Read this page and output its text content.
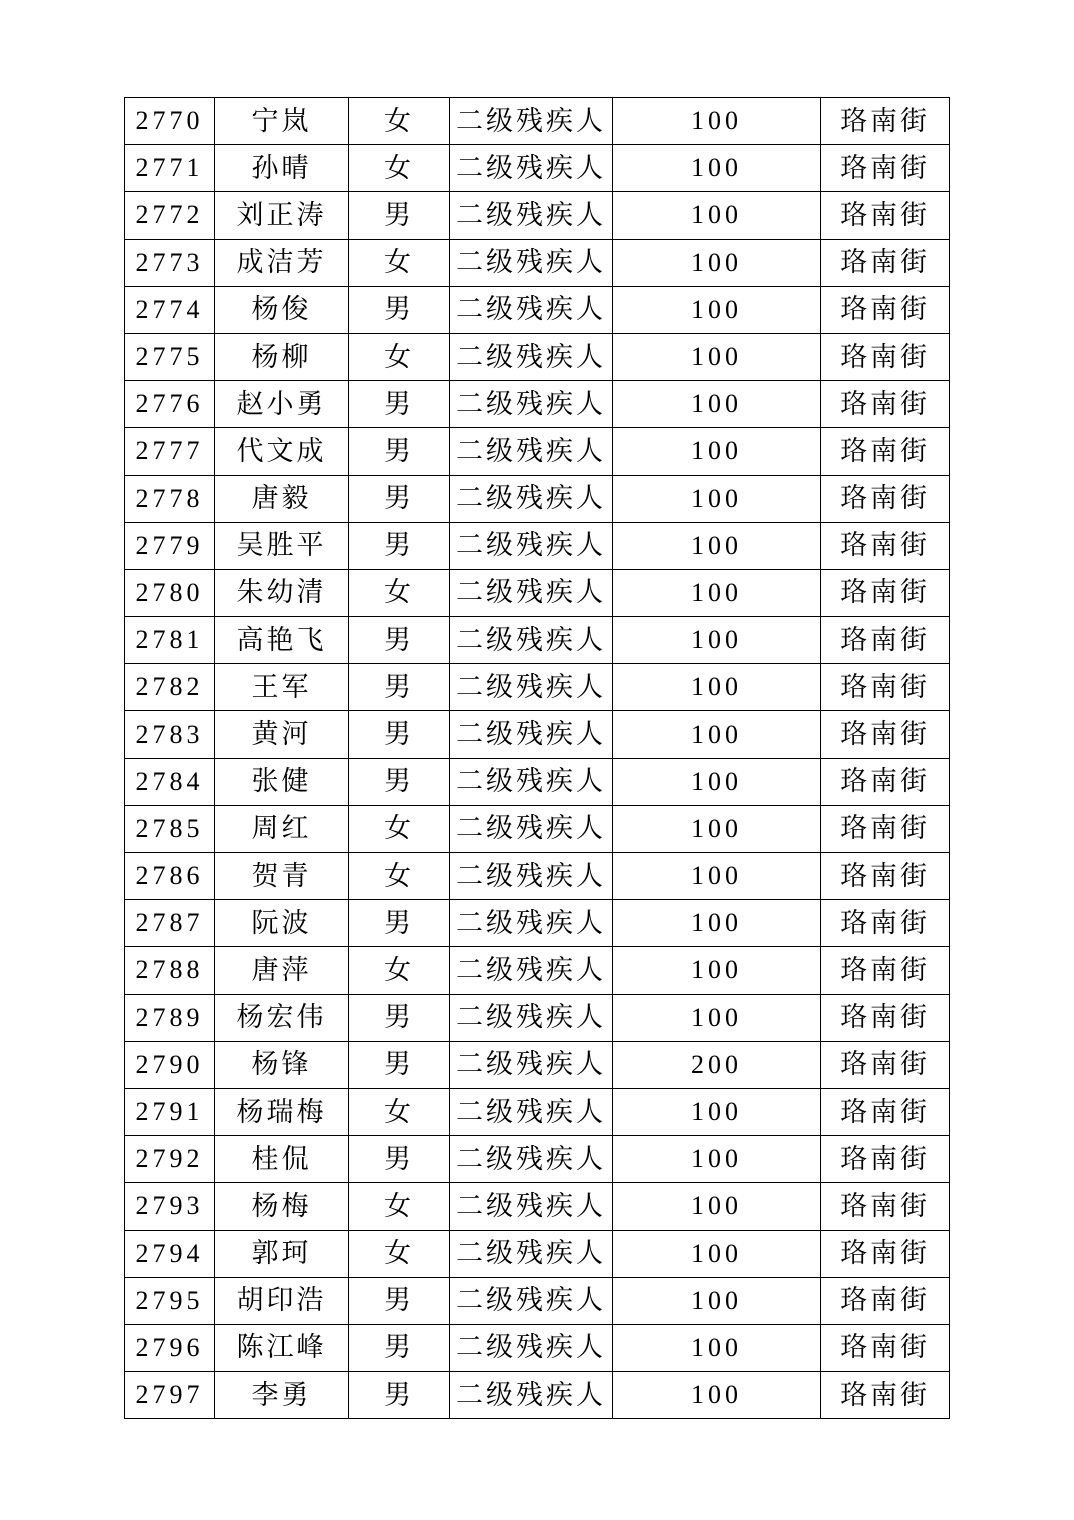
2770	宁岚	女	二级残疾人	100	珞南街
2771	孙晴	女	二级残疾人	100	珞南街
2772	刘正涛	男	二级残疾人	100	珞南街
2773	成洁芳	女	二级残疾人	100	珞南街
2774	杨俊	男	二级残疾人	100	珞南街
2775	杨柳	女	二级残疾人	100	珞南街
2776	赵小勇	男	二级残疾人	100	珞南街
2777	代文成	男	二级残疾人	100	珞南街
2778	唐毅	男	二级残疾人	100	珞南街
2779	吴胜平	男	二级残疾人	100	珞南街
2780	朱幼清	女	二级残疾人	100	珞南街
2781	高艳飞	男	二级残疾人	100	珞南街
2782	王军	男	二级残疾人	100	珞南街
2783	黄河	男	二级残疾人	100	珞南街
2784	张健	男	二级残疾人	100	珞南街
2785	周红	女	二级残疾人	100	珞南街
2786	贺青	女	二级残疾人	100	珞南街
2787	阮波	男	二级残疾人	100	珞南街
2788	唐萍	女	二级残疾人	100	珞南街
2789	杨宏伟	男	二级残疾人	100	珞南街
2790	杨锋	男	二级残疾人	200	珞南街
2791	杨瑞梅	女	二级残疾人	100	珞南街
2792	桂侃	男	二级残疾人	100	珞南街
2793	杨梅	女	二级残疾人	100	珞南街
2794	郭珂	女	二级残疾人	100	珞南街
2795	胡印浩	男	二级残疾人	100	珞南街
2796	陈江峰	男	二级残疾人	100	珞南街
2797	李勇	男	二级残疾人	100	珞南街
